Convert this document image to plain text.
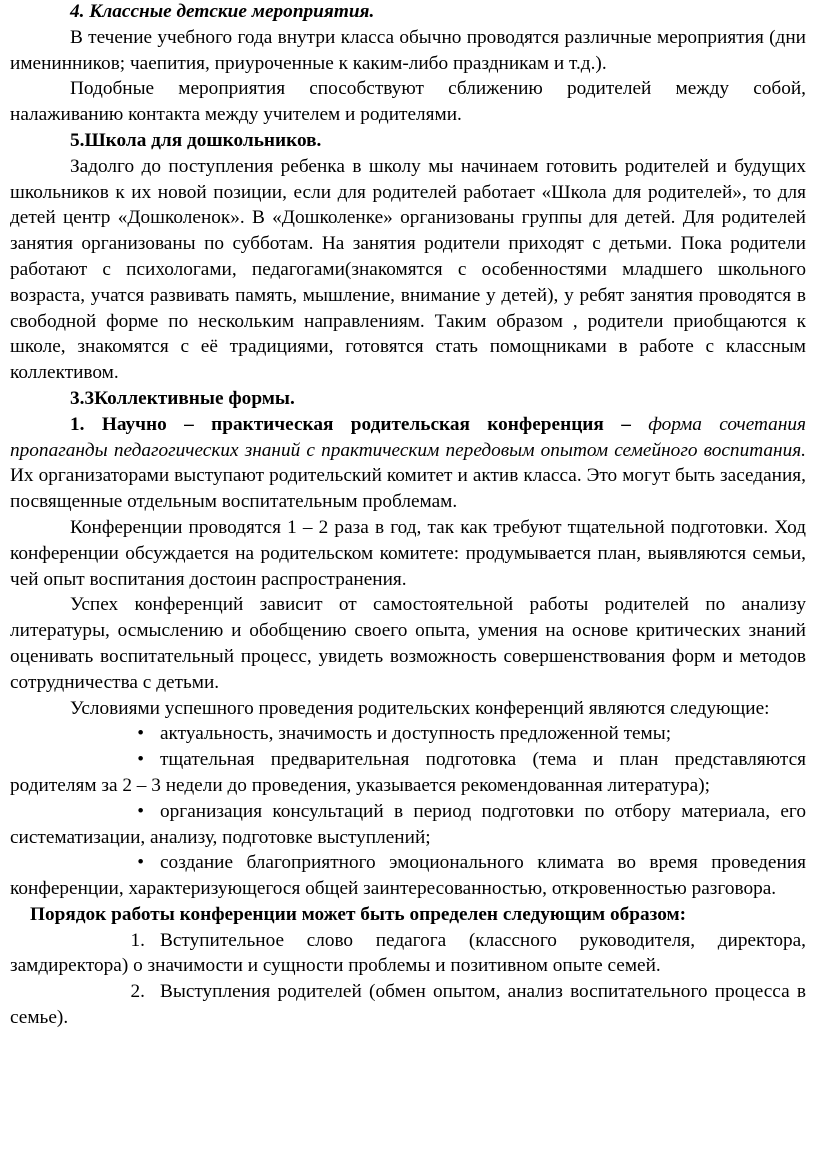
4. Классные детские мероприятия.

В течение учебного года внутри класса обычно проводятся различные мероприятия (дни именинников; чаепития, приуроченные к каким-либо праздникам и т.д.).

Подобные мероприятия способствуют сближению родителей между собой, налаживанию контакта между учителем и родителями.

5.Школа для дошкольников.

Задолго до поступления ребенка в школу мы начинаем готовить родителей и будущих школьников к их новой позиции, если для родителей работает «Школа для родителей», то для детей центр «Дошколенок». В «Дошколенке» организованы группы для детей. Для родителей занятия организованы по субботам. На занятия родители приходят с детьми. Пока родители работают с психологами, педагогами(знакомятся с особенностями младшего школьного возраста, учатся развивать память, мышление, внимание у детей), у ребят занятия проводятся в свободной форме по нескольким направлениям. Таким образом , родители приобщаются к школе, знакомятся с её традициями, готовятся стать помощниками в работе с классным коллективом.

3.3Коллективные формы.

1. Научно – практическая родительская конференция – форма сочетания пропаганды педагогических знаний с практическим передовым опытом семейного воспитания. Их организаторами выступают родительский комитет и актив класса. Это могут быть заседания, посвященные отдельным воспитательным проблемам.

Конференции проводятся 1 – 2 раза в год, так как требуют тщательной подготовки. Ход конференции обсуждается на родительском комитете: продумывается план, выявляются семьи, чей опыт воспитания достоин распространения.

Успех конференций зависит от самостоятельной работы родителей по анализу литературы, осмыслению и обобщению своего опыта, умения на основе критических знаний оценивать воспитательный процесс, увидеть возможность совершенствования форм и методов сотрудничества с детьми.

Условиями успешного проведения родительских конференций являются следующие:

• актуальность, значимость и доступность предложенной темы;

• тщательная предварительная подготовка (тема и план представляются родителям за 2 – 3 недели до проведения, указывается рекомендованная литература);

• организация консультаций в период подготовки по отбору материала, его систематизации, анализу, подготовке выступлений;

• создание благоприятного эмоционального климата во время проведения конференции, характеризующегося общей заинтересованностью, откровенностью разговора.

Порядок работы конференции может быть определен следующим образом:

1. Вступительное слово педагога (классного руководителя, директора, замдиректора) о значимости и сущности проблемы и позитивном опыте семей.

2. Выступления родителей (обмен опытом, анализ воспитательного процесса в семье).
